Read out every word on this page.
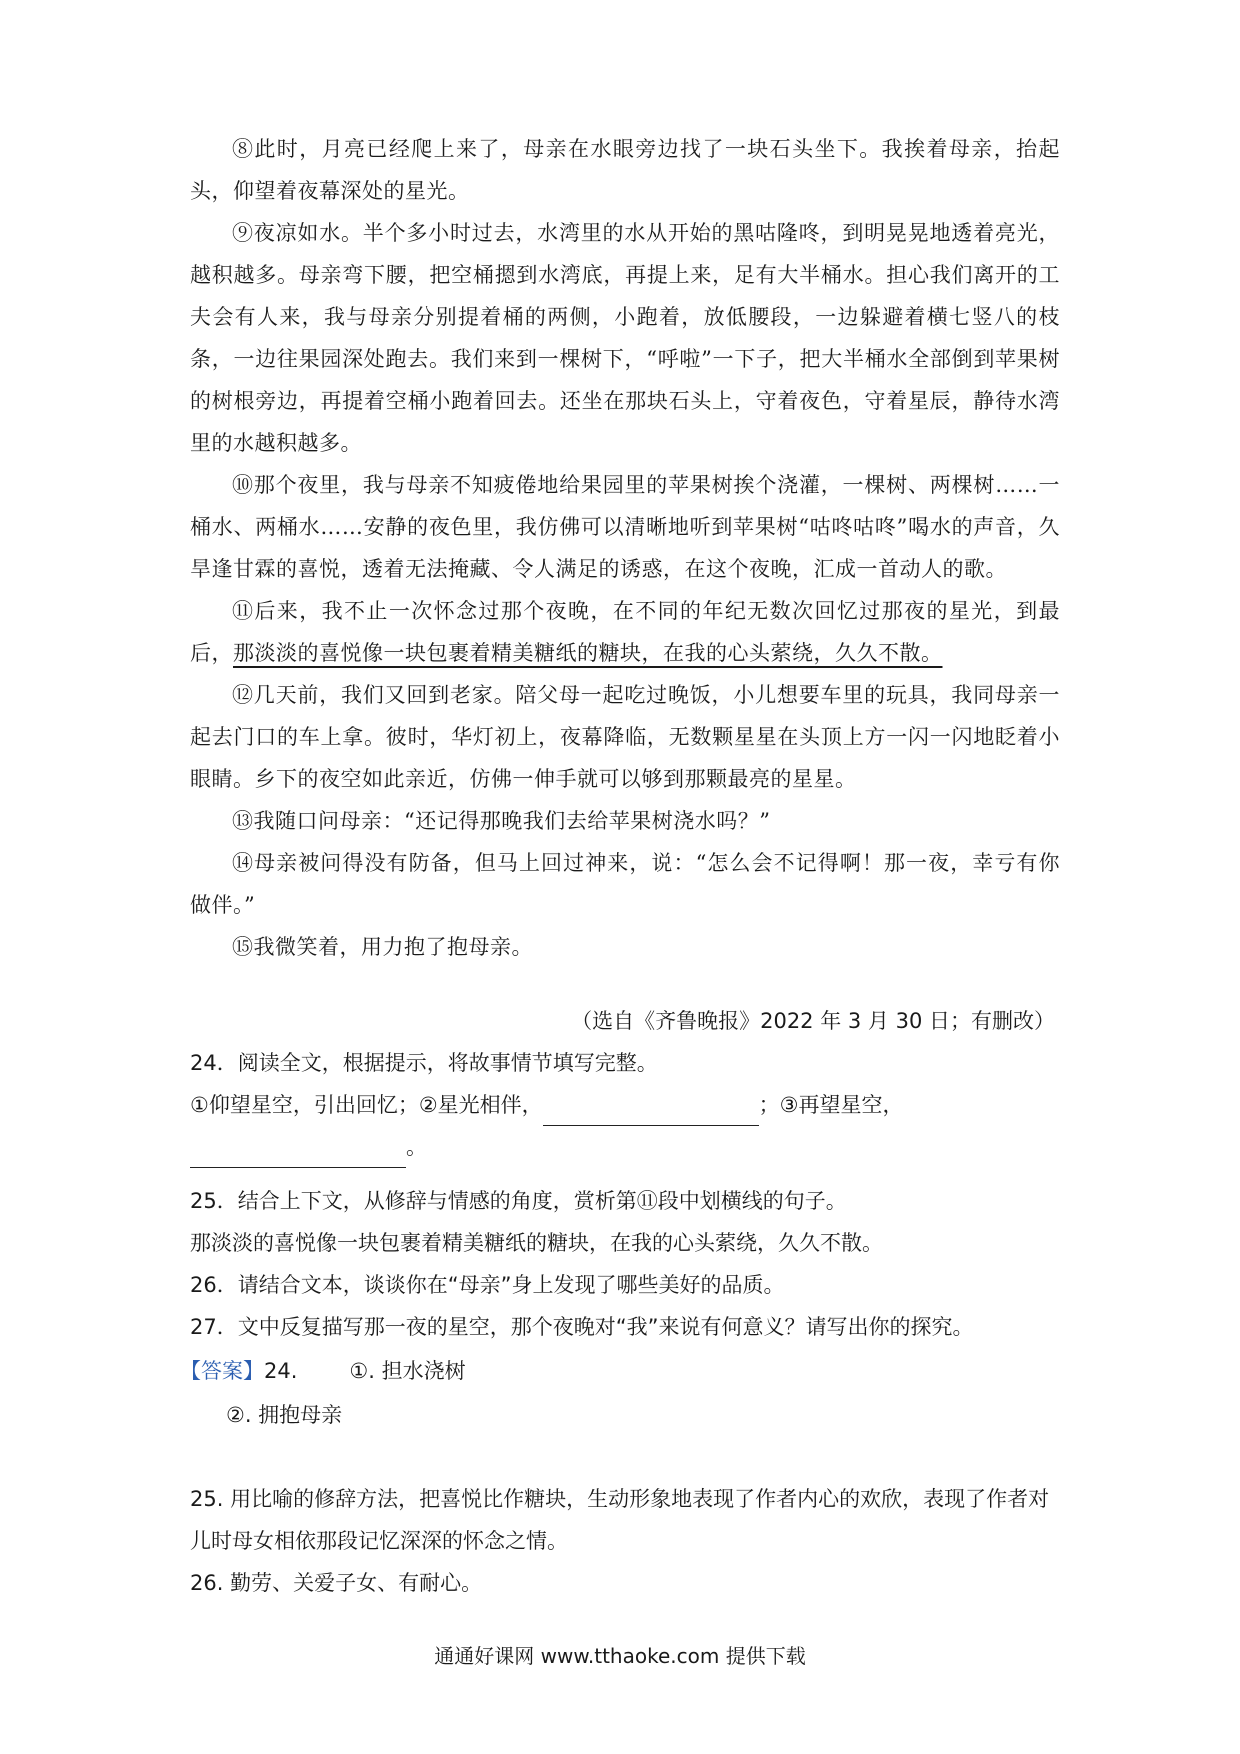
⑧此时，月亮已经爬上来了，母亲在水眼旁边找了一块石头坐下。我挨着母亲，抬起头，仰望着夜幕深处的星光。

⑨夜凉如水。半个多小时过去，水湾里的水从开始的黑咕隆咚，到明晃晃地透着亮光，越积越多。母亲弯下腰，把空桶摁到水湾底，再提上来，足有大半桶水。担心我们离开的工夫会有人来，我与母亲分别提着桶的两侧，小跑着，放低腰段，一边躲避着横七竖八的枝条，一边往果园深处跑去。我们来到一棵树下，“呼啦”一下子，把大半桶水全部倒到苹果树的树根旁边，再提着空桶小跑着回去。还坐在那块石头上，守着夜色，守着星辰，静待水湾里的水越积越多。

⑩那个夜里，我与母亲不知疲倦地给果园里的苹果树挨个浇灌，一棵树、两棵树……一桶水、两桶水……安静的夜色里，我仿佛可以清晰地听到苹果树“咕咚咕咚”喝水的声音，久旱逢甘霖的喜悦，透着无法掩藏、令人满足的诱惑，在这个夜晚，汇成一首动人的歌。

⑪后来，我不止一次怀念过那个夜晚，在不同的年纪无数次回忆过那夜的星光，到最后，那淡淡的喜悦像一块包裹着精美糖纸的糖块，在我的心头萦绕，久久不散。

⑫几天前，我们又回到老家。陪父母一起吃过晚饭，小儿想要车里的玩具，我同母亲一起去门口的车上拿。彼时，华灯初上，夜幕降临，无数颗星星在头顶上方一闪一闪地眨着小眼睛。乡下的夜空如此亲近，仿佛一伸手就可以够到那颗最亮的星星。

⑬我随口问母亲：“还记得那晚我们去给苹果树浇水吗？”

⑭母亲被问得没有防备，但马上回过神来，说：“怎么会不记得啊！那一夜，幸亏有你做伴。”

⑮我微笑着，用力抱了抱母亲。

（选自《齐鲁晚报》2022 年 3 月 30 日；有删改）

24．阅读全文，根据提示，将故事情节填写完整。

①仰望星空，引出回忆；②星光相伴，	；③再望星空，

。

25．结合上下文，从修辞与情感的角度，赏析第⑪段中划横线的句子。

那淡淡的喜悦像一块包裹着精美糖纸的糖块，在我的心头萦绕，久久不散。

26．请结合文本，谈谈你在“母亲”身上发现了哪些美好的品质。

27．文中反复描写那一夜的星空，那个夜晚对“我”来说有何意义？请写出你的探究。

【答案】24. ①. 担水浇树

②. 拥抱母亲

25. 用比喻的修辞方法，把喜悦比作糖块，生动形象地表现了作者内心的欢欣，表现了作者对儿时母女相依那段记忆深深的怀念之情。

26. 勤劳、关爱子女、有耐心。

通通好课网 www.tthaoke.com 提供下载
